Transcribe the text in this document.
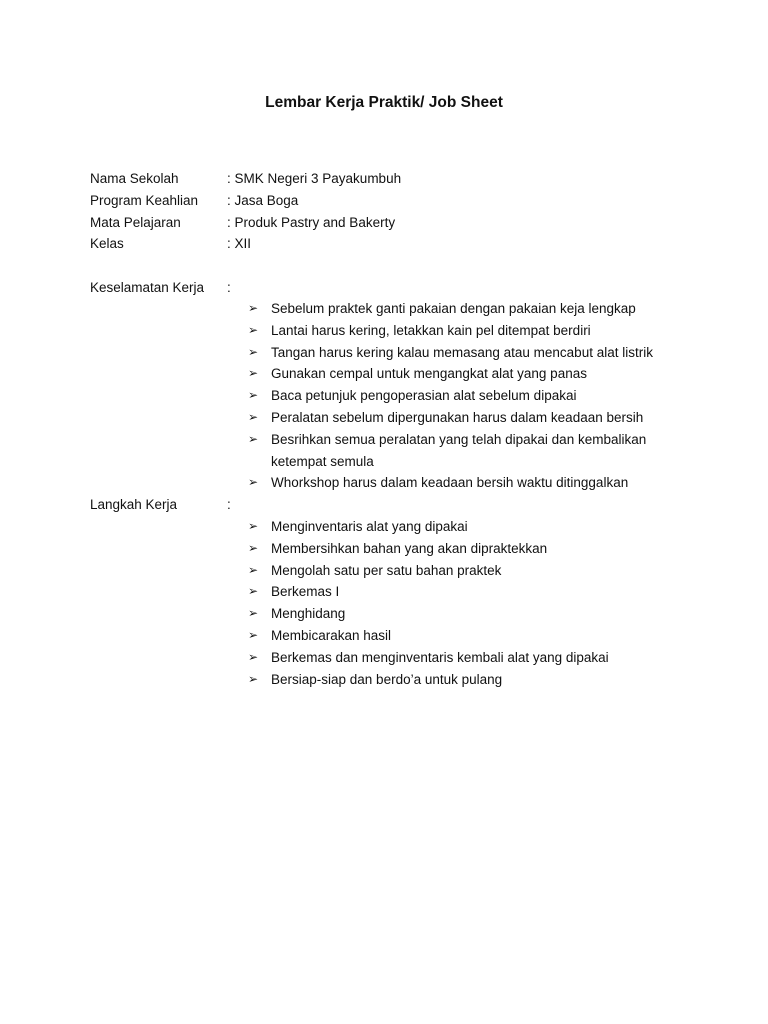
Lembar Kerja Praktik/ Job Sheet
Nama Sekolah	: SMK Negeri 3 Payakumbuh
Program Keahlian : Jasa Boga
Mata Pelajaran	: Produk Pastry and Bakerty
Kelas	: XII
Keselamatan Kerja :
➢ Sebelum praktek ganti pakaian dengan pakaian keja lengkap
➢ Lantai harus kering, letakkan kain pel ditempat berdiri
➢ Tangan harus kering kalau memasang atau mencabut alat listrik
➢ Gunakan cempal untuk mengangkat alat yang panas
➢ Baca petunjuk pengoperasian alat sebelum dipakai
➢ Peralatan sebelum dipergunakan harus dalam keadaan bersih
➢ Besrihkan semua peralatan yang telah dipakai dan kembalikan
ketempat semula
➢ Whorkshop harus dalam keadaan bersih waktu ditinggalkan
Langkah Kerja	:
➢ Menginventaris alat yang dipakai
➢ Membersihkan bahan yang akan dipraktekkan
➢ Mengolah satu per satu bahan praktek
➢ Berkemas I
➢ Menghidang
➢ Membicarakan hasil
➢ Berkemas dan menginventaris kembali alat yang dipakai
➢ Bersiap-siap dan berdo’a untuk pulang
